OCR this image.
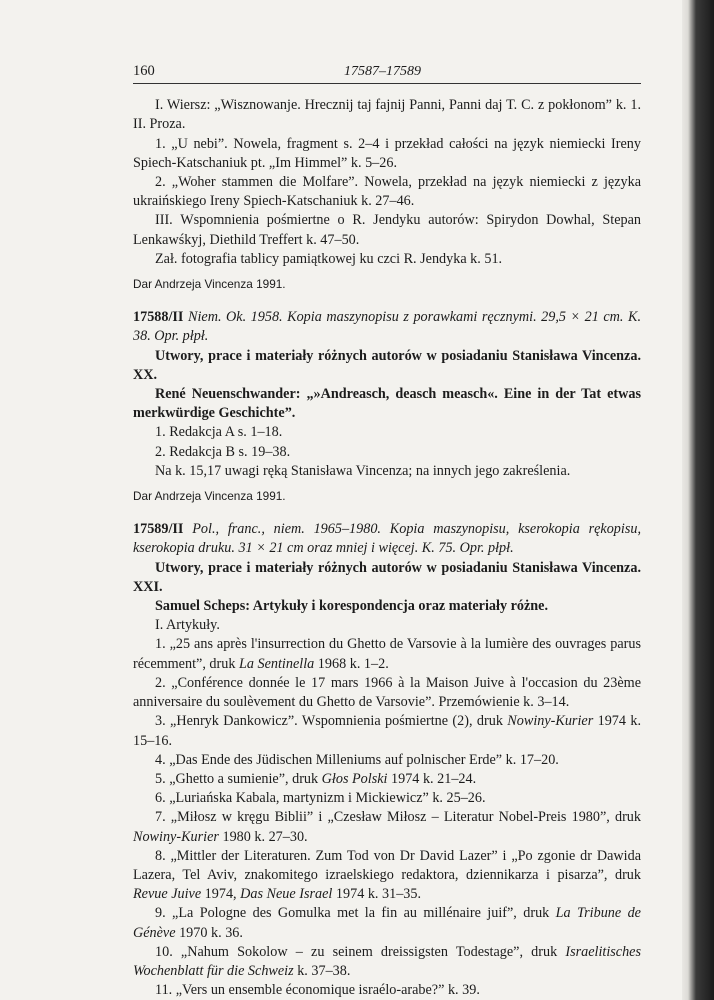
160	17587–17589

I. Wiersz: „Wisznowanje. Hrecznij taj fajnij Panni, Panni daj T. C. z pokłonom” k. 1. II. Proza.

1. „U nebi”. Nowela, fragment s. 2–4 i przekład całości na język niemiecki Ireny Spiech-Katschaniuk pt. „Im Himmel” k. 5–26.

2. „Woher stammen die Molfare”. Nowela, przekład na język niemiecki z języka ukraińskiego Ireny Spiech-Katschaniuk k. 27–46.

III. Wspomnienia pośmiertne o R. Jendyku autorów: Spirydon Dowhal, Stepan Lenkawśkyj, Diethild Treffert k. 47–50.

Zał. fotografia tablicy pamiątkowej ku czci R. Jendyka k. 51.

Dar Andrzeja Vincenza 1991.

17588/II Niem. Ok. 1958. Kopia maszynopisu z porawkami ręcznymi. 29,5 × 21 cm. K. 38. Opr. płpł.

Utwory, prace i materiały różnych autorów w posiadaniu Stanisława Vincenza. XX.

René Neuenschwander: „»Andreasch, deasch measch«. Eine in der Tat etwas merkwürdige Geschichte”.

1. Redakcja A s. 1–18.

2. Redakcja B s. 19–38.

Na k. 15,17 uwagi ręką Stanisława Vincenza; na innych jego zakreślenia.

Dar Andrzeja Vincenza 1991.

17589/II Pol., franc., niem. 1965–1980. Kopia maszynopisu, kserokopia rękopisu, kserokopia druku. 31 × 21 cm oraz mniej i więcej. K. 75. Opr. płpł.

Utwory, prace i materiały różnych autorów w posiadaniu Stanisława Vincenza. XXI.

Samuel Scheps: Artykuły i korespondencja oraz materiały różne.

I. Artykuły.

1. „25 ans après l'insurrection du Ghetto de Varsovie à la lumière des ouvrages parus récemment”, druk La Sentinella 1968 k. 1–2.

2. „Conférence donnée le 17 mars 1966 à la Maison Juive à l'occasion du 23ème anniversaire du soulèvement du Ghetto de Varsovie”. Przemówienie k. 3–14.

3. „Henryk Dankowicz”. Wspomnienia pośmiertne (2), druk Nowiny-Kurier 1974 k. 15–16.

4. „Das Ende des Jüdischen Milleniums auf polnischer Erde” k. 17–20.

5. „Ghetto a sumienie”, druk Głos Polski 1974 k. 21–24.

6. „Luriańska Kabala, martynizm i Mickiewicz” k. 25–26.

7. „Miłosz w kręgu Biblii” i „Czesław Miłosz – Literatur Nobel-Preis 1980”, druk Nowiny-Kurier 1980 k. 27–30.

8. „Mittler der Literaturen. Zum Tod von Dr David Lazer” i „Po zgonie dr Dawida Lazera, Tel Aviv, znakomitego izraelskiego redaktora, dziennikarza i pisarza”, druk Revue Juive 1974, Das Neue Israel 1974 k. 31–35.

9. „La Pologne des Gomulka met la fin au millénaire juif”, druk La Tribune de Génève 1970 k. 36.

10. „Nahum Sokolow – zu seinem dreissigsten Todestage”, druk Israelitisches Wochenblatt für die Schweiz k. 37–38.

11. „Vers un ensemble économique israélo-arabe?” k. 39.
